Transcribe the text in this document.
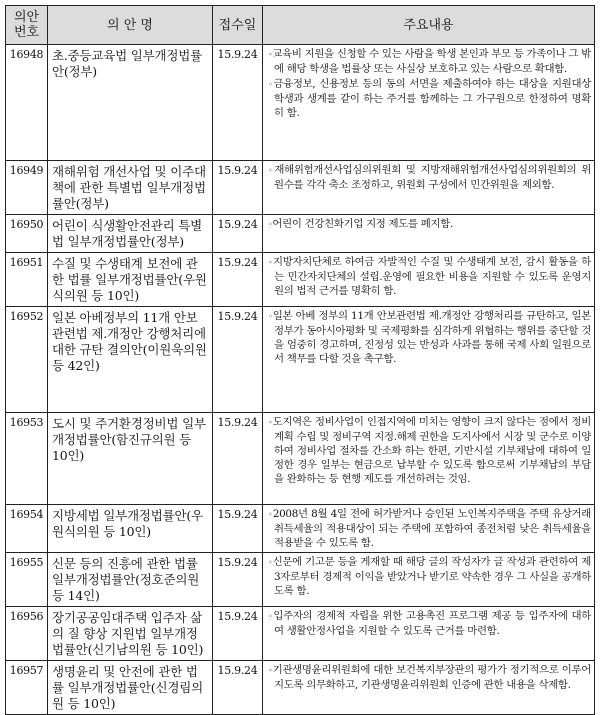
의안
번호	의 안 명	접수일	주요내용
16948	초.중등교육법 일부개정법률안(정부)	15.9.24	◦교육비 지원을 신청할 수 있는 사람을 학생 본인과 부모 등 가족이나 그 밖에 해당 학생을 법률상 또는 사실상 보호하고 있는 사람으로 확대함.
◦금융정보, 신용정보 등의 동의 서면을 제출하여야 하는 대상을 지원대상 학생과 생계를 같이 하는 주거를 함께하는 그 가구원으로 한정하여 명확히 함.

16949	재해위험 개선사업 및 이주대책에 관한 특별법 일부개정법률안(정부)	15.9.24	◦재해위험개선사업심의위원회 및 지방재해위험개선사업심의위원회의 위원수를 각각 축소 조정하고, 위원회 구성에서 민간위원을 제외함.

16950	어린이 식생활안전관리 특별법 일부개정법률안(정부)	15.9.24	◦어린이 건강친화기업 지정 제도를 폐지함.

16951	수질 및 수생태계 보전에 관한 법률 일부개정법률안(우원식의원 등 10인)	15.9.24	◦지방자치단체로 하여금 자발적인 수질 및 수생태계 보전, 감시 활동을 하는 민간자치단체의 설립.운영에 필요한 비용을 지원할 수 있도록 운영지원의 법적 근거를 명확히 함.

16952	일본 아베정부의 11개 안보관련법 제.개정안 강행처리에 대한 규탄 결의안(이원욱의원 등 42인)	15.9.24	◦일본 아베 정부의 11개 안보관련법 제.개정안 강행처리를 규탄하고, 일본 정부가 동아시아평화 및 국제평화를 심각하게 위협하는 행위를 중단할 것을 엄중히 경고하며, 진정성 있는 반성과 사과를 통해 국제 사회 일원으로서 책무를 다할 것을 촉구함.

16953	도시 및 주거환경정비법 일부개정법률안(함진규의원 등 10인)	15.9.24	◦도지역은 정비사업이 인접지역에 미치는 영향이 크지 않다는 점에서 정비계획 수립 및 정비구역 지정.해제 권한을 도지사에서 시장 및 군수로 이양하여 정비사업 절차를 간소화 하는 한편, 기반시설 기부채납에 대하여 일정한 경우 일부는 현금으로 납부할 수 있도록 함으로써 기부채납의 부담을 완화하는 등 현행 제도를 개선하려는 것임.

16954	지방세법 일부개정법률안(우원식의원 등 10인)	15.9.24	◦2008년 8월 4일 전에 허가받거나 승인된 노인복지주택을 주택 유상거래 취득세율의 적용대상이 되는 주택에 포함하여 종전처럼 낮은 취득세율을 적용받을 수 있도록 함.

16955	신문 등의 진흥에 관한 법률 일부개정법률안(정호준의원 등 14인)	15.9.24	◦신문에 기고문 등을 게재할 때 해당 글의 작성자가 글 작성과 관련하여 제3자로부터 경제적 이익을 받았거나 받기로 약속한 경우 그 사실을 공개하도록 함.

16956	장기공공임대주택 입주자 삶의 질 향상 지원법 일부개정법률안(신기남의원 등 10인)	15.9.24	◦입주자의 경제적 자립을 위한 고용촉진 프로그램 제공 등 입주자에 대하여 생활안정사업을 지원할 수 있도록 근거를 마련함.

16957	생명윤리 및 안전에 관한 법률 일부개정법률안(신경림의원 등 10인)	15.9.24	◦기관생명윤리위원회에 대한 보건복지부장관의 평가가 정기적으로 이루어지도록 의무화하고, 기관생명윤리위원회 인증에 관한 내용을 삭제함.
